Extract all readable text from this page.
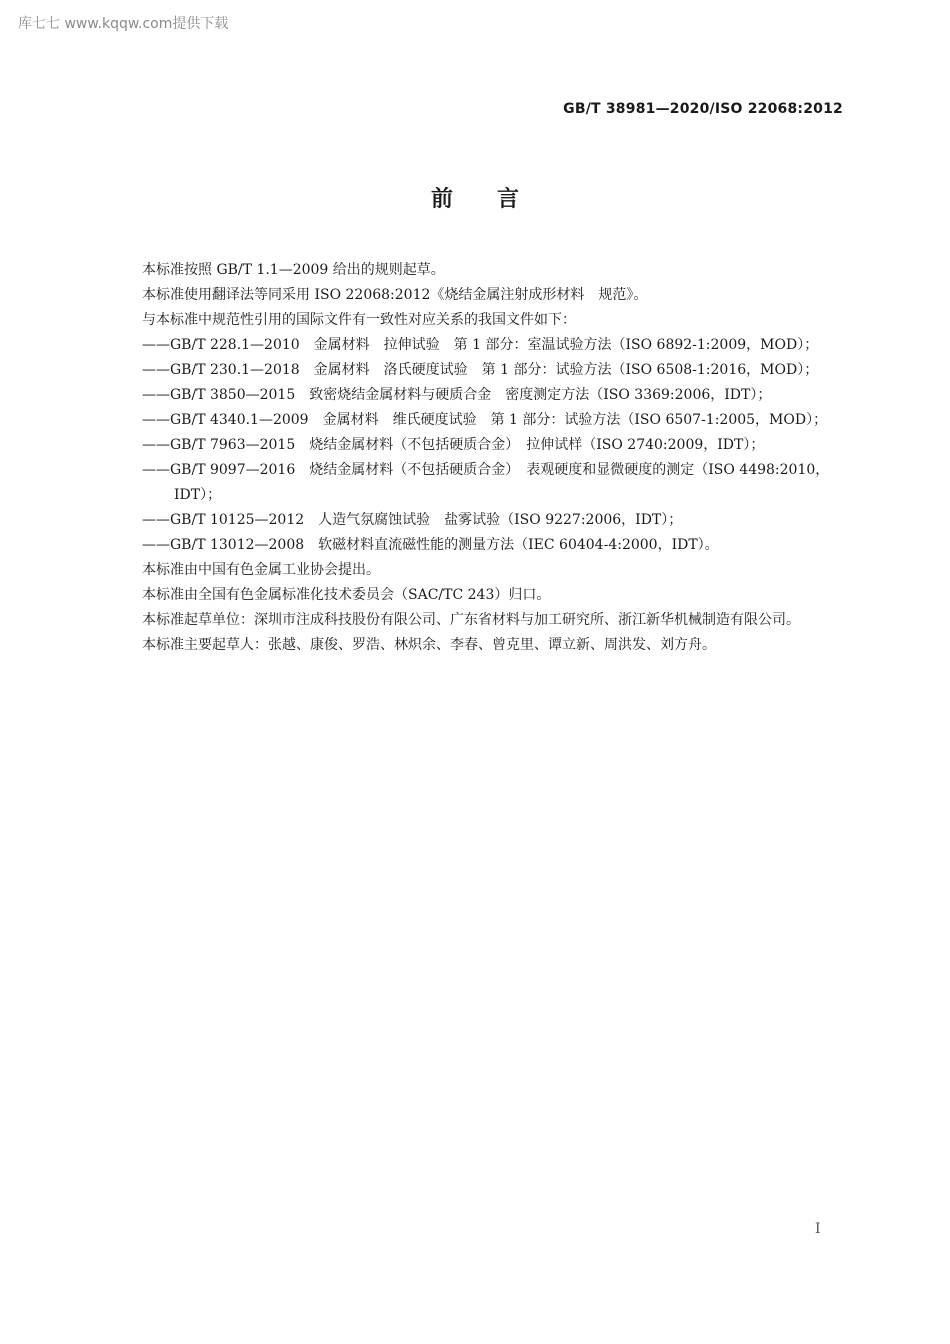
库七七 www.kqqw.com提供下载
GB/T 38981—2020/ISO 22068:2012
前　　言

本标准按照 GB/T 1.1—2009 给出的规则起草。

本标准使用翻译法等同采用 ISO 22068:2012《烧结金属注射成形材料　规范》。

与本标准中规范性引用的国际文件有一致性对应关系的我国文件如下：

——GB/T 228.1—2010　金属材料　拉伸试验　第 1 部分：室温试验方法（ISO 6892-1:2009，MOD）；

——GB/T 230.1—2018　金属材料　洛氏硬度试验　第 1 部分：试验方法（ISO 6508-1:2016，MOD）；

——GB/T 3850—2015　致密烧结金属材料与硬质合金　密度测定方法（ISO 3369:2006，IDT）；

——GB/T 4340.1—2009　金属材料　维氏硬度试验　第 1 部分：试验方法（ISO 6507-1:2005，MOD）；

——GB/T 7963—2015　烧结金属材料（不包括硬质合金）　拉伸试样（ISO 2740:2009，IDT）；

——GB/T 9097—2016　烧结金属材料（不包括硬质合金）　表观硬度和显微硬度的测定（ISO 4498:2010，IDT）；

——GB/T 10125—2012　人造气氛腐蚀试验　盐雾试验（ISO 9227:2006，IDT）；

——GB/T 13012—2008　软磁材料直流磁性能的测量方法（IEC 60404-4:2000，IDT）。

本标准由中国有色金属工业协会提出。

本标准由全国有色金属标准化技术委员会（SAC/TC 243）归口。

本标准起草单位：深圳市注成科技股份有限公司、广东省材料与加工研究所、浙江新华机械制造有限公司。

本标准主要起草人：张越、康俊、罗浩、林炽余、李春、曾克里、谭立新、周洪发、刘方舟。

I
